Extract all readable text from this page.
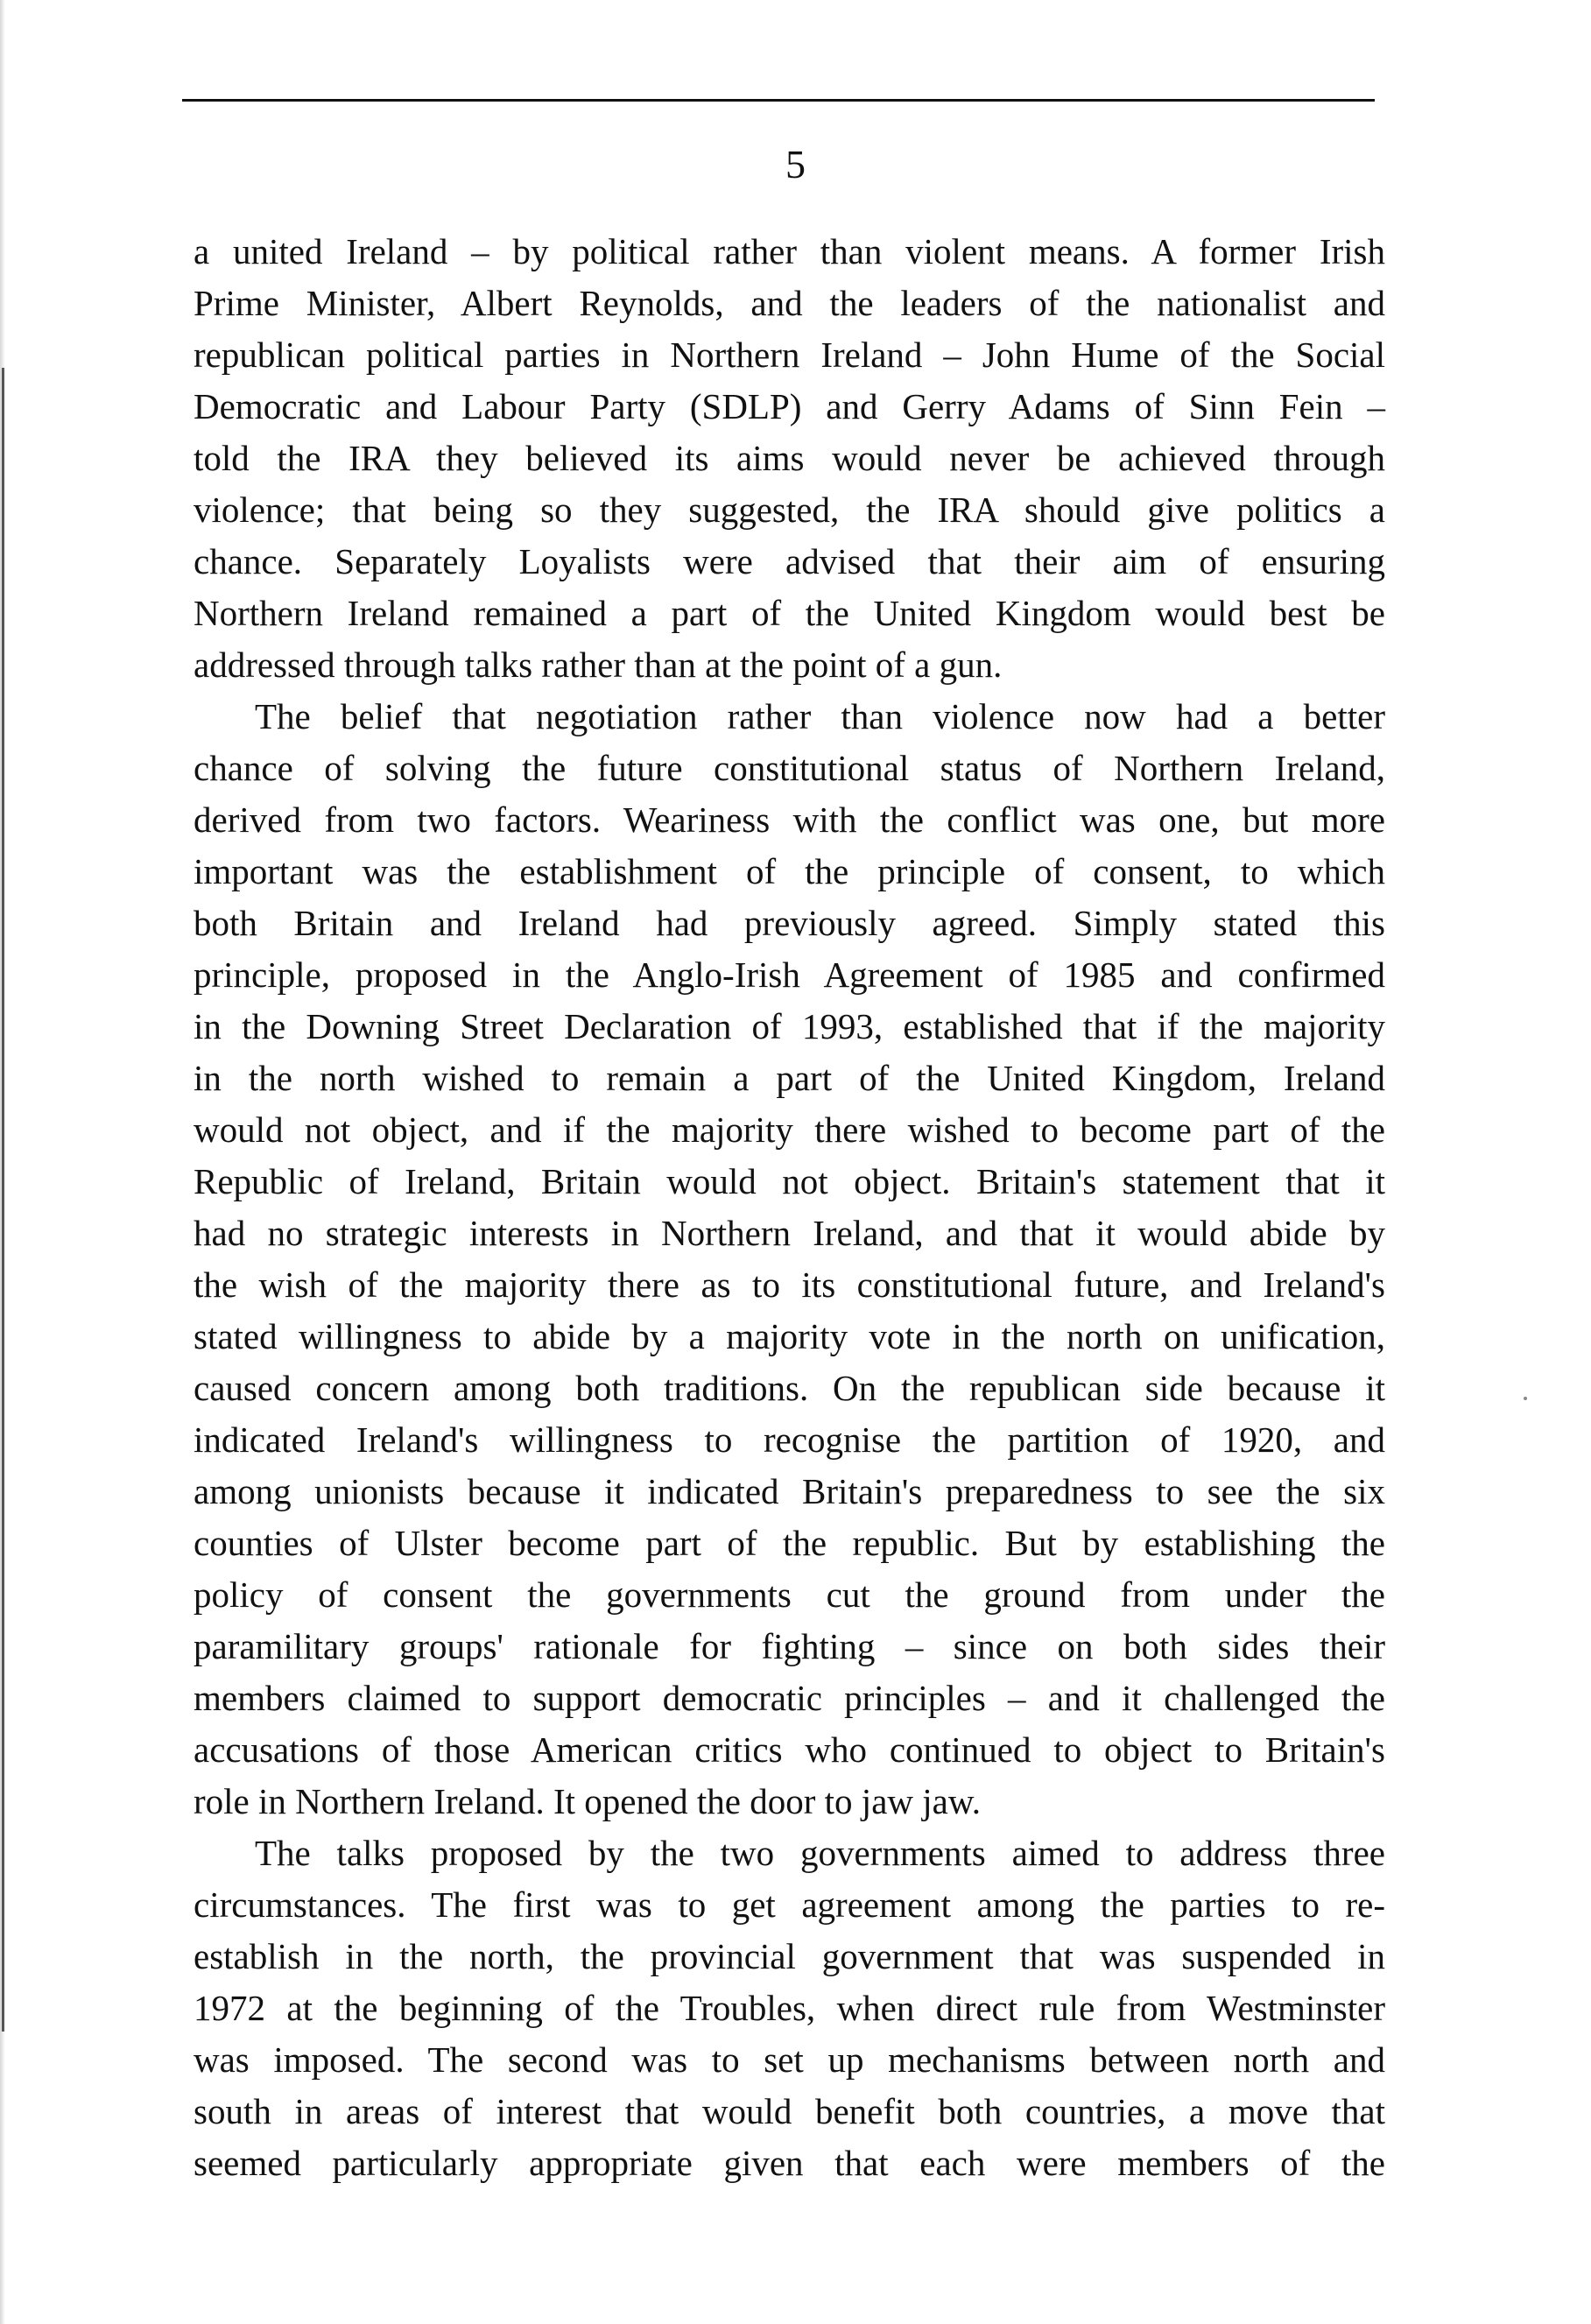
5
a united Ireland – by political rather than violent means. A former Irish
Prime Minister, Albert Reynolds, and the leaders of the nationalist and
republican political parties in Northern Ireland – John Hume of the Social
Democratic and Labour Party (SDLP) and Gerry Adams of Sinn Fein –
told the IRA they believed its aims would never be achieved through
violence; that being so they suggested, the IRA should give politics a
chance. Separately Loyalists were advised that their aim of ensuring
Northern Ireland remained a part of the United Kingdom would best be
addressed through talks rather than at the point of a gun.
The belief that negotiation rather than violence now had a better
chance of solving the future constitutional status of Northern Ireland,
derived from two factors. Weariness with the conflict was one, but more
important was the establishment of the principle of consent, to which
both Britain and Ireland had previously agreed. Simply stated this
principle, proposed in the Anglo-Irish Agreement of 1985 and confirmed
in the Downing Street Declaration of 1993, established that if the majority
in the north wished to remain a part of the United Kingdom, Ireland
would not object, and if the majority there wished to become part of the
Republic of Ireland, Britain would not object. Britain's statement that it
had no strategic interests in Northern Ireland, and that it would abide by
the wish of the majority there as to its constitutional future, and Ireland's
stated willingness to abide by a majority vote in the north on unification,
caused concern among both traditions. On the republican side because it
indicated Ireland's willingness to recognise the partition of 1920, and
among unionists because it indicated Britain's preparedness to see the six
counties of Ulster become part of the republic. But by establishing the
policy of consent the governments cut the ground from under the
paramilitary groups' rationale for fighting – since on both sides their
members claimed to support democratic principles – and it challenged the
accusations of those American critics who continued to object to Britain's
role in Northern Ireland. It opened the door to jaw jaw.
The talks proposed by the two governments aimed to address three
circumstances. The first was to get agreement among the parties to re-
establish in the north, the provincial government that was suspended in
1972 at the beginning of the Troubles, when direct rule from Westminster
was imposed. The second was to set up mechanisms between north and
south in areas of interest that would benefit both countries, a move that
seemed particularly appropriate given that each were members of the
